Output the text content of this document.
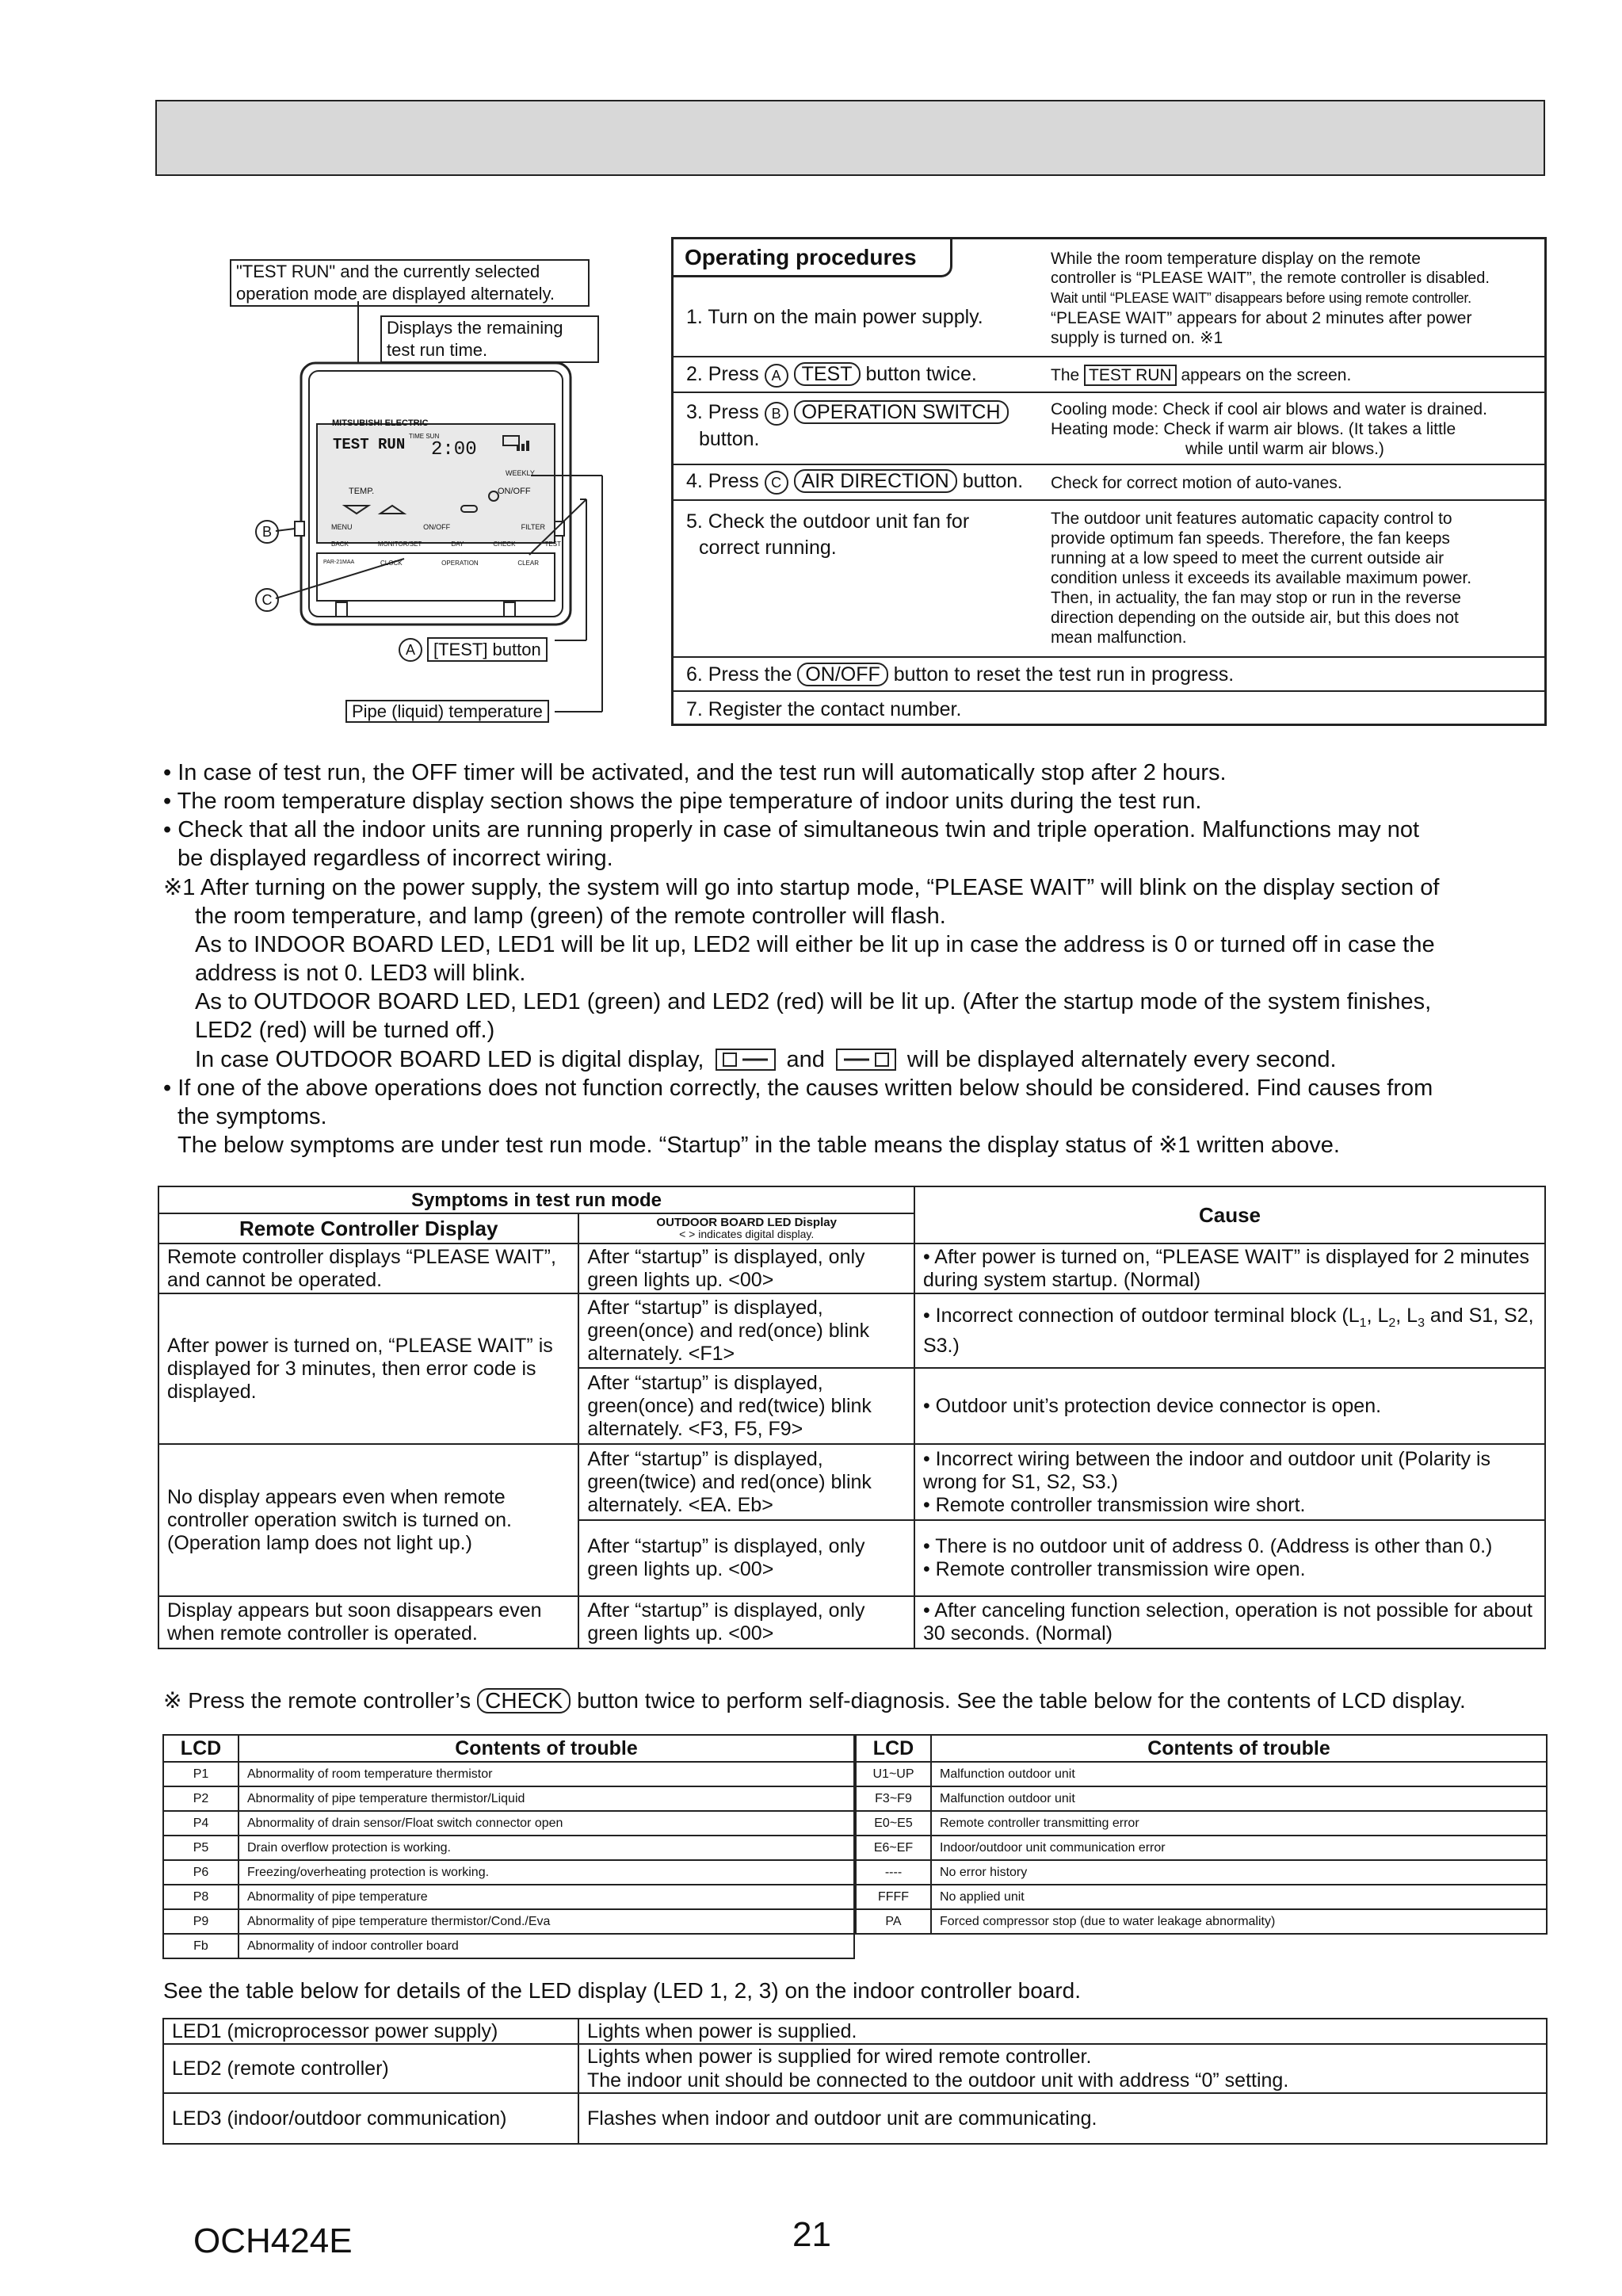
"TEST RUN" and the currently selected
operation mode are displayed alternately.
Displays the remaining
test run time.
MITSUBISHI ELECTRIC
TEST RUN TIME SUN
2:00
WEEKLY
TEMP.	ON/OFF
MENU	ON/OFF	FILTER
BACK	MONITOR/SET	DAY	CHECK	TEST
PAR-21MAA	CLOCK	OPERATION	CLEAR
B
C
A	[TEST] button
Pipe (liquid) temperature
Operating procedures
1. Turn on the main power supply.
While the room temperature display on the remote
controller is “PLEASE WAIT”, the remote controller is disabled.
Wait until “PLEASE WAIT” disappears before using remote controller.
“PLEASE WAIT” appears for about 2 minutes after power
supply is turned on. ※1
2. Press A TEST button twice.	The TEST RUN appears on the screen.
3. Press B OPERATION SWITCH
button.
Cooling mode: Check if cool air blows and water is drained.
Heating mode: Check if warm air blows. (It takes a little
while until warm air blows.)
4. Press C AIR DIRECTION button. Check for correct motion of auto-vanes.
5. Check the outdoor unit fan for
correct running.
The outdoor unit features automatic capacity control to
provide optimum fan speeds. Therefore, the fan keeps
running at a low speed to meet the current outside air
condition unless it exceeds its available maximum power.
Then, in actuality, the fan may stop or run in the reverse
direction depending on the outside air, but this does not
mean malfunction.
6. Press the ON/OFF button to reset the test run in progress.
7. Register the contact number.
• In case of test run, the OFF timer will be activated, and the test run will automatically stop after 2 hours.
• The room temperature display section shows the pipe temperature of indoor units during the test run.
• Check that all the indoor units are running properly in case of simultaneous twin and triple operation. Malfunctions may not
be displayed regardless of incorrect wiring.
※1 After turning on the power supply, the system will go into startup mode, “PLEASE WAIT” will blink on the display section of
the room temperature, and lamp (green) of the remote controller will flash.
As to INDOOR BOARD LED, LED1 will be lit up, LED2 will either be lit up in case the address is 0 or turned off in case the
address is not 0. LED3 will blink.
As to OUTDOOR BOARD LED, LED1 (green) and LED2 (red) will be lit up. (After the startup mode of the system finishes,
LED2 (red) will be turned off.)
In case OUTDOOR BOARD LED is digital display,	and	will be displayed alternately every second.
• If one of the above operations does not function correctly, the causes written below should be considered. Find causes from
the symptoms.
The below symptoms are under test run mode. “Startup” in the table means the display status of ※1 written above.
Symptoms in test run mode		Cause
Remote Controller Display	OUTDOOR BOARD LED Display
< > indicates digital display.	

Remote controller displays “PLEASE WAIT”, and cannot be operated.	After “startup” is displayed, only green lights up. <00>	• After power is turned on, “PLEASE WAIT” is displayed for 2 minutes during system startup. (Normal)
After power is turned on, “PLEASE WAIT” is displayed for 3 minutes, then error code is displayed.	After “startup” is displayed, green(once) and red(once) blink alternately. <F1>	• Incorrect connection of outdoor terminal block ($L_1$, $L_2$, $L_3$ and S1, S2, S3.)
	After “startup” is displayed, green(once) and red(twice) blink alternately. <F3, F5, F9>	• Outdoor unit’s protection device connector is open.
No display appears even when remote controller operation switch is turned on. (Operation lamp does not light up.)	After “startup” is displayed, green(twice) and red(once) blink alternately. <EA. Eb>	• Incorrect wiring between the indoor and outdoor unit (Polarity is wrong for S1, S2, S3.)
• Remote controller transmission wire short.

	After “startup” is displayed, only green lights up. <00>	• There is no outdoor unit of address 0. (Address is other than 0.)
• Remote controller transmission wire open.

Display appears but soon disappears even when remote controller is operated.	After “startup” is displayed, only green lights up. <00>	• After canceling function selection, operation is not possible for about 30 seconds. (Normal)
※ Press the remote controller’s CHECK button twice to perform self-diagnosis. See the table below for the contents of LCD display.
LCD	Contents of trouble
P1	Abnormality of room temperature thermistor
P2	Abnormality of pipe temperature thermistor/Liquid
P4	Abnormality of drain sensor/Float switch connector open
P5	Drain overflow protection is working.
P6	Freezing/overheating protection is working.
P8	Abnormality of pipe temperature
P9	Abnormality of pipe temperature thermistor/Cond./Eva
Fb	Abnormality of indoor controller board
LCD	Contents of trouble
U1~UP	Malfunction outdoor unit
F3~F9	Malfunction outdoor unit
E0~E5	Remote controller transmitting error
E6~EF	Indoor/outdoor unit communication error
----	No error history
FFFF	No applied unit
PA	Forced compressor stop (due to water leakage abnormality)
See the table below for details of the LED display (LED 1, 2, 3) on the indoor controller board.
LED1 (microprocessor power supply)	Lights when power is supplied.
LED2 (remote controller)	Lights when power is supplied for wired remote controller.
The indoor unit should be connected to the outdoor unit with address “0” setting.

LED3 (indoor/outdoor communication)	Flashes when indoor and outdoor unit are communicating.
OCH424E	21
